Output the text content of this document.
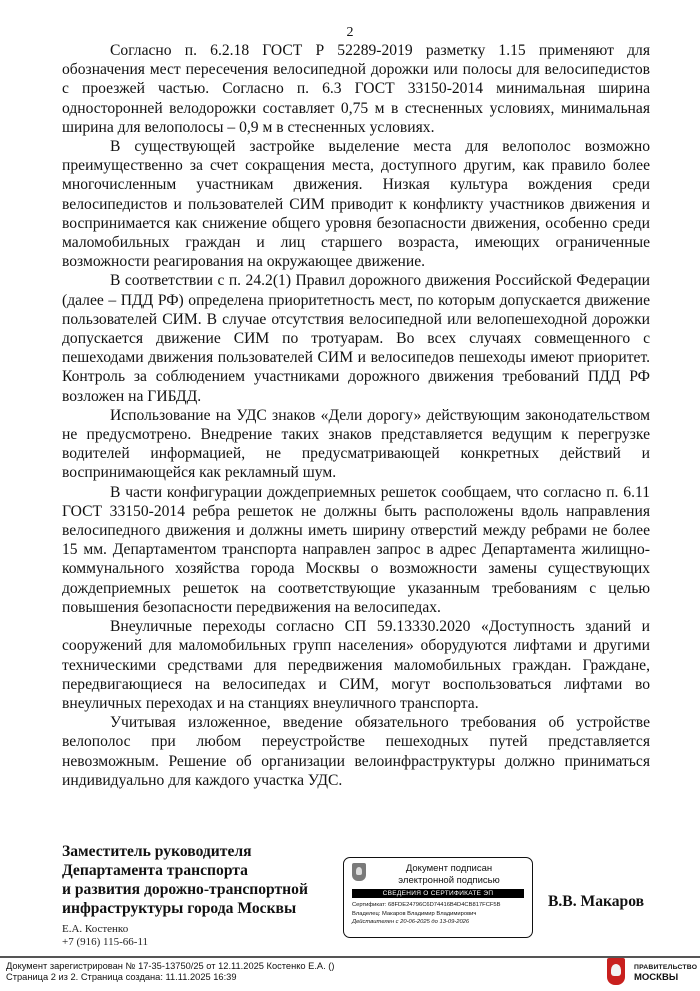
2

Согласно п. 6.2.18 ГОСТ Р 52289-2019 разметку 1.15 применяют для обозначения мест пересечения велосипедной дорожки или полосы для велосипедистов с проезжей частью. Согласно п. 6.3 ГОСТ 33150-2014 минимальная ширина односторонней велодорожки составляет 0,75 м в стесненных условиях, минимальная ширина для велополосы – 0,9 м в стесненных условиях.

В существующей застройке выделение места для велополос возможно преимущественно за счет сокращения места, доступного другим, как правило более многочисленным участникам движения. Низкая культура вождения среди велосипедистов и пользователей СИМ приводит к конфликту участников движения и воспринимается как снижение общего уровня безопасности движения, особенно среди маломобильных граждан и лиц старшего возраста, имеющих ограниченные возможности реагирования на окружающее движение.

В соответствии с п. 24.2(1) Правил дорожного движения Российской Федерации (далее – ПДД РФ) определена приоритетность мест, по которым допускается движение пользователей СИМ. В случае отсутствия велосипедной или велопешеходной дорожки допускается движение СИМ по тротуарам. Во всех случаях совмещенного с пешеходами движения пользователей СИМ и велосипедов пешеходы имеют приоритет. Контроль за соблюдением участниками дорожного движения требований ПДД РФ возложен на ГИБДД.

Использование на УДС знаков «Дели дорогу» действующим законодательством не предусмотрено. Внедрение таких знаков представляется ведущим к перегрузке водителей информацией, не предусматривающей конкретных действий и воспринимающейся как рекламный шум.

В части конфигурации дождеприемных решеток сообщаем, что согласно п. 6.11 ГОСТ 33150-2014 ребра решеток не должны быть расположены вдоль направления велосипедного движения и должны иметь ширину отверстий между ребрами не более 15 мм. Департаментом транспорта направлен запрос в адрес Департамента жилищно-коммунального хозяйства города Москвы о возможности замены существующих дождеприемных решеток на соответствующие указанным требованиям с целью повышения безопасности передвижения на велосипедах.

Внеуличные переходы согласно СП 59.13330.2020 «Доступность зданий и сооружений для маломобильных групп населения» оборудуются лифтами и другими техническими средствами для передвижения маломобильных граждан. Граждане, передвигающиеся на велосипедах и СИМ, могут воспользоваться лифтами во внеуличных переходах и на станциях внеуличного транспорта.

Учитывая изложенное, введение обязательного требования об устройстве велополос при любом переустройстве пешеходных путей представляется невозможным. Решение об организации велоинфраструктуры должно приниматься индивидуально для каждого участка УДС.

Заместитель руководителя
Департамента транспорта
и развития дорожно-транспортной
инфраструктуры города Москвы
Е.А. Костенко
+7 (916) 115-66-11
Документ подписан
электронной подписью
СВЕДЕНИЯ О СЕРТИФИКАТЕ ЭП
Сертификат: 68FDE24796C6D74416B4D4CB817FCF5B
Владелец: Макаров Владимир Владимирович
Действителен с 20-06-2025 до 13-09-2026
В.В. Макаров
Документ зарегистрирован № 17-35-13750/25 от 12.11.2025 Костенко Е.А. ()
Страница 2 из 2. Страница создана: 11.11.2025 16:39
ПРАВИТЕЛЬСТВО
МОСКВЫ
